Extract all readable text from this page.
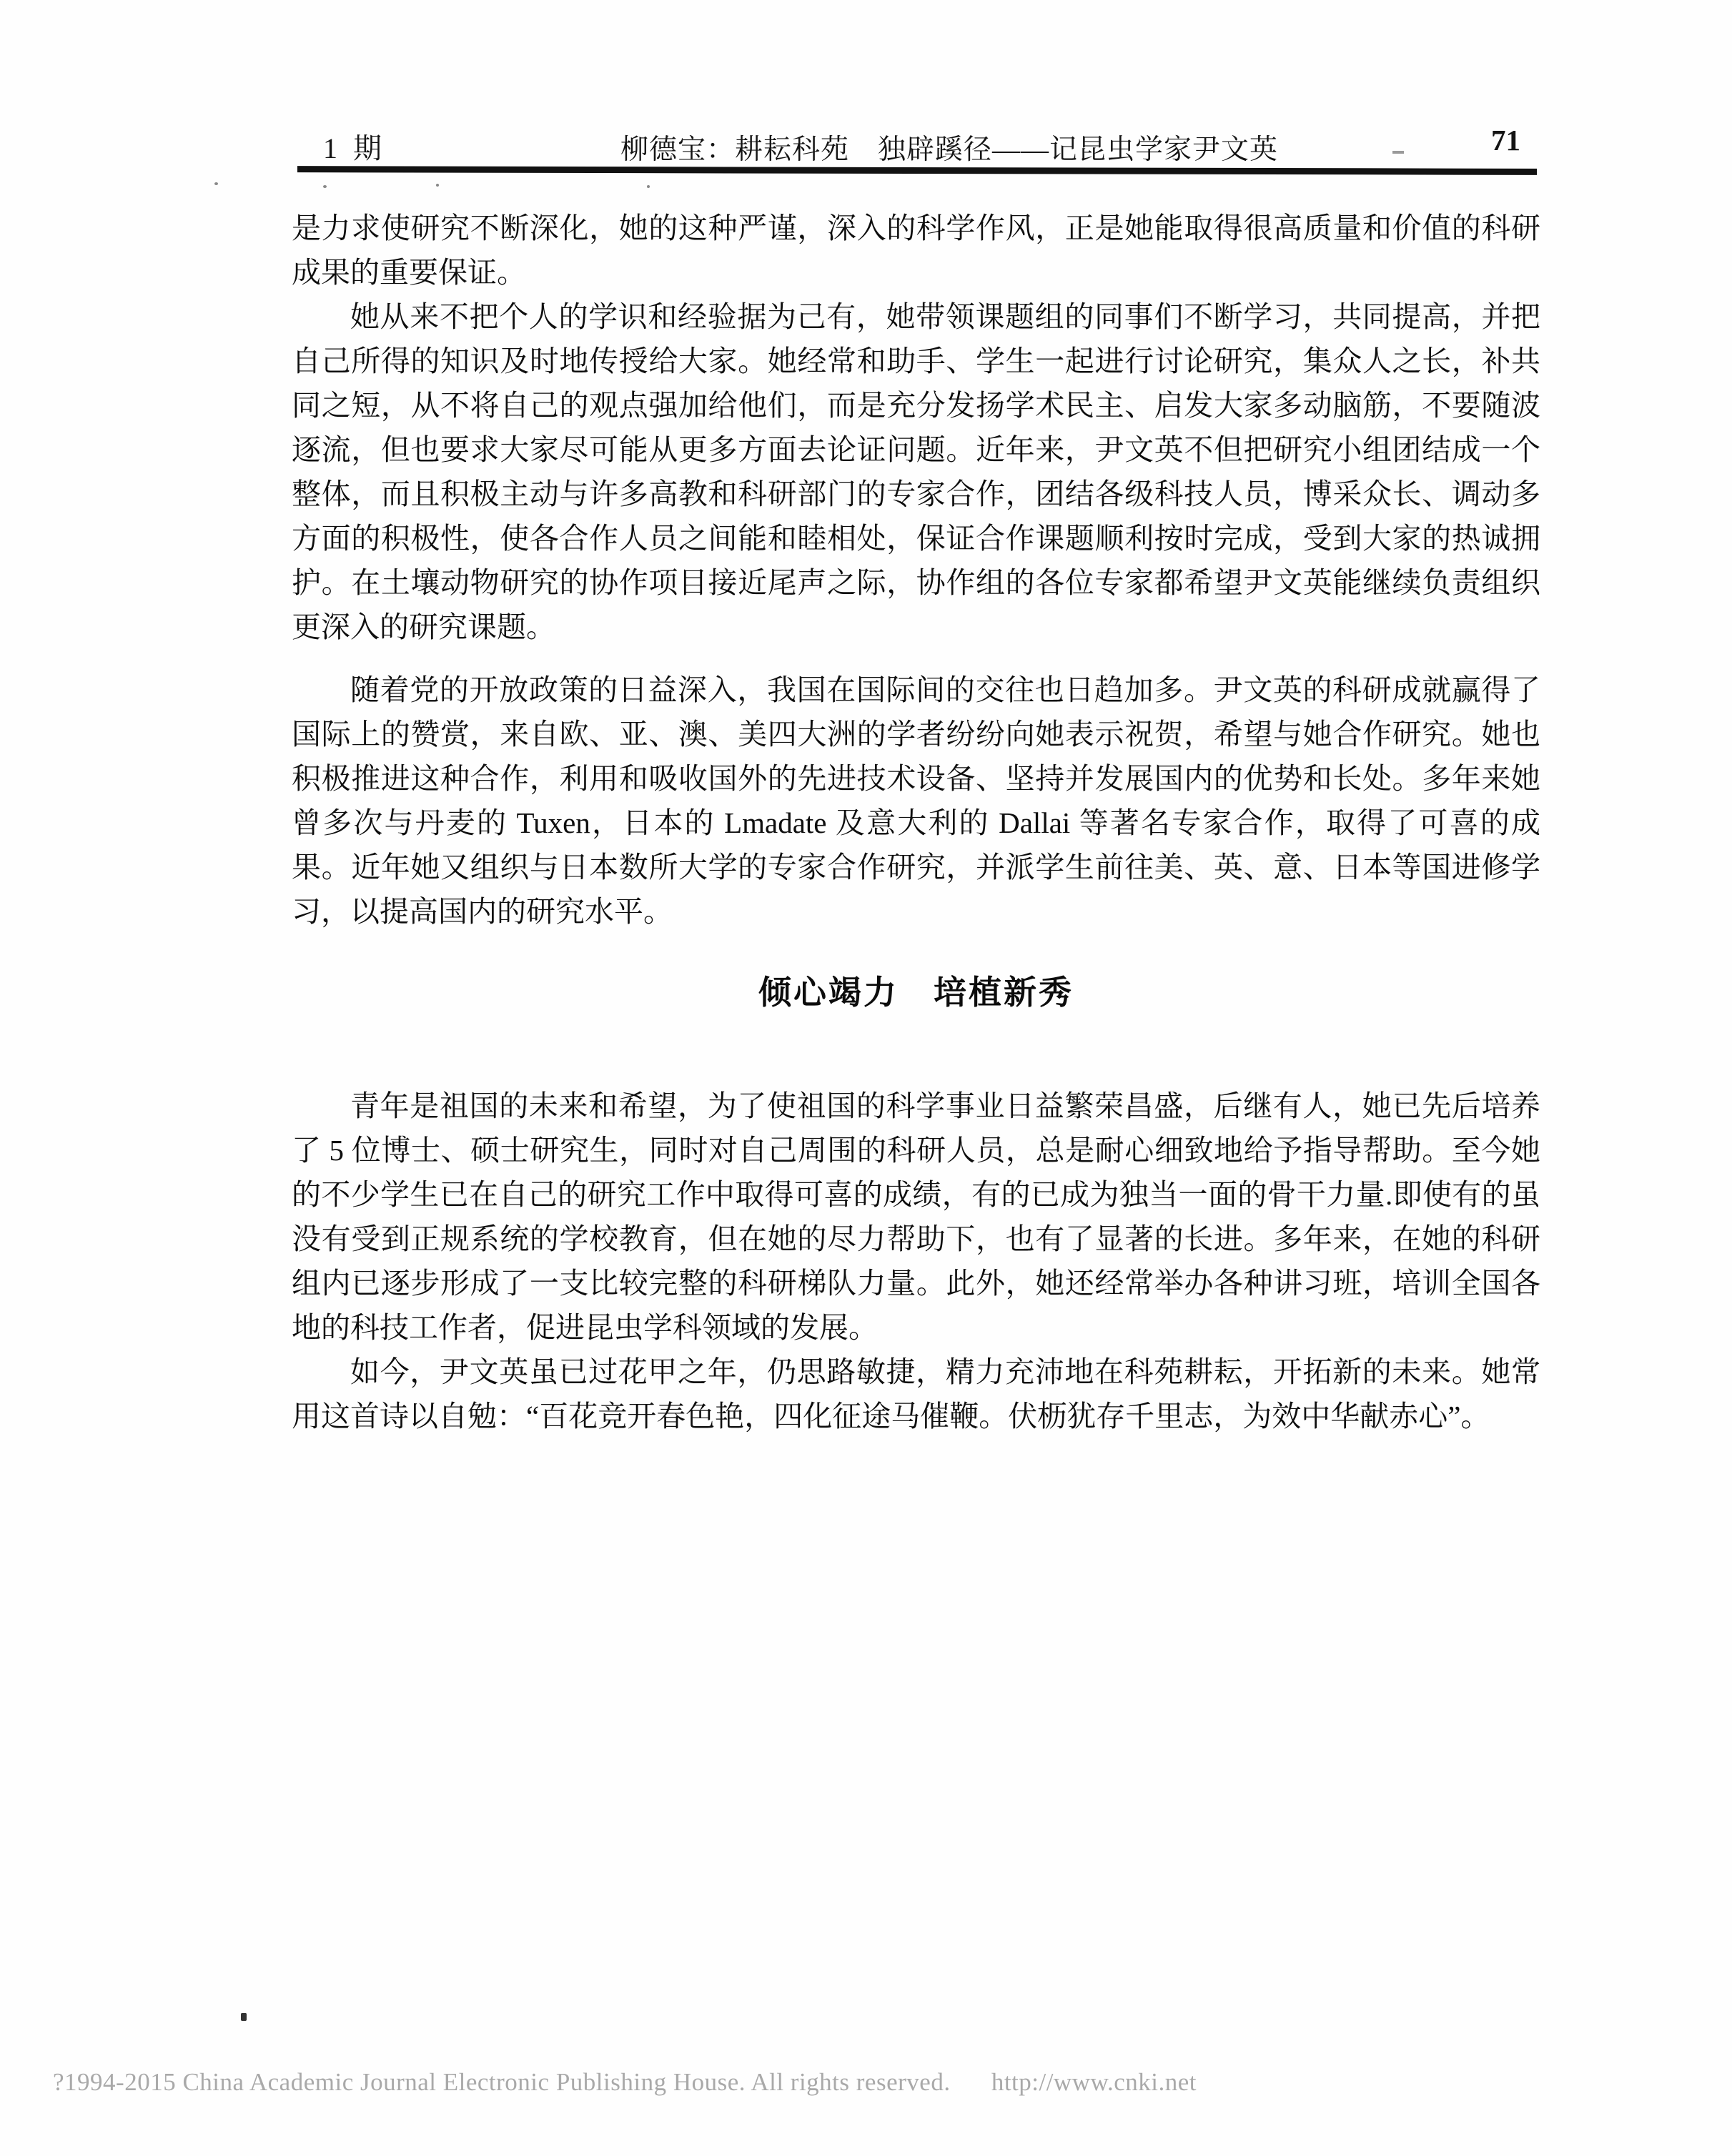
1 期	柳德宝：耕耘科苑　独辟蹊径——记昆虫学家尹文英	71

是力求使研究不断深化，她的这种严谨，深入的科学作风，正是她能取得很高质量和价值的科研成果的重要保证。

她从来不把个人的学识和经验据为己有，她带领课题组的同事们不断学习，共同提高，并把自己所得的知识及时地传授给大家。她经常和助手、学生一起进行讨论研究，集众人之长，补共同之短，从不将自己的观点强加给他们，而是充分发扬学术民主、启发大家多动脑筋，不要随波逐流，但也要求大家尽可能从更多方面去论证问题。近年来，尹文英不但把研究小组团结成一个整体，而且积极主动与许多高教和科研部门的专家合作，团结各级科技人员，博采众长、调动多方面的积极性，使各合作人员之间能和睦相处，保证合作课题顺利按时完成，受到大家的热诚拥护。在土壤动物研究的协作项目接近尾声之际，协作组的各位专家都希望尹文英能继续负责组织更深入的研究课题。

随着党的开放政策的日益深入，我国在国际间的交往也日趋加多。尹文英的科研成就赢得了国际上的赞赏，来自欧、亚、澳、美四大洲的学者纷纷向她表示祝贺，希望与她合作研究。她也积极推进这种合作，利用和吸收国外的先进技术设备、坚持并发展国内的优势和长处。多年来她曾多次与丹麦的 Tuxen，日本的 Lmadate 及意大利的 Dallai 等著名专家合作，取得了可喜的成果。近年她又组织与日本数所大学的专家合作研究，并派学生前往美、英、意、日本等国进修学习，以提高国内的研究水平。

倾心竭力　培植新秀

青年是祖国的未来和希望，为了使祖国的科学事业日益繁荣昌盛，后继有人，她已先后培养了 5 位博士、硕士研究生，同时对自己周围的科研人员，总是耐心细致地给予指导帮助。至今她的不少学生已在自己的研究工作中取得可喜的成绩，有的已成为独当一面的骨干力量.即使有的虽没有受到正规系统的学校教育，但在她的尽力帮助下，也有了显著的长进。多年来，在她的科研组内已逐步形成了一支比较完整的科研梯队力量。此外，她还经常举办各种讲习班，培训全国各地的科技工作者，促进昆虫学科领域的发展。

如今，尹文英虽已过花甲之年，仍思路敏捷，精力充沛地在科苑耕耘，开拓新的未来。她常用这首诗以自勉：“百花竞开春色艳，四化征途马催鞭。伏枥犹存千里志，为效中华献赤心”。

?1994-2015 China Academic Journal Electronic Publishing House. All rights reserved. http://www.cnki.net
